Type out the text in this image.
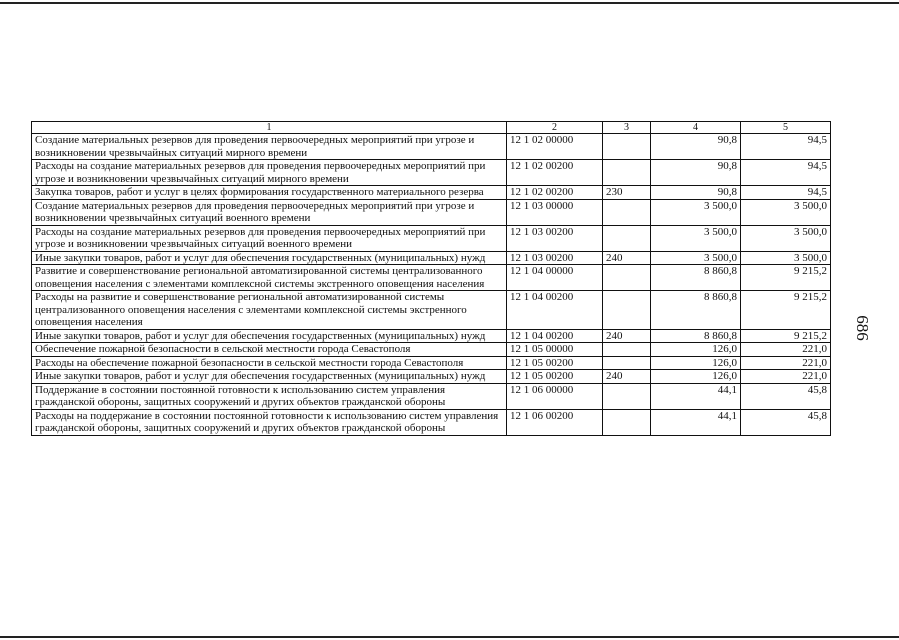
1	2	3	4	5
Создание материальных резервов для проведения первоочередных мероприятий при угрозе и возникновении чрезвычайных ситуаций мирного времени	12 1 02 00000		90,8	94,5
Расходы на создание материальных резервов для проведения первоочередных мероприятий при угрозе и возникновении чрезвычайных ситуаций мирного времени	12 1 02 00200		90,8	94,5
Закупка товаров, работ и услуг в целях формирования государственного материального резерва	12 1 02 00200	230	90,8	94,5
Создание материальных резервов для проведения первоочередных мероприятий при угрозе и возникновении чрезвычайных ситуаций военного времени	12 1 03 00000		3 500,0	3 500,0
Расходы на создание материальных резервов для проведения первоочередных мероприятий при угрозе и возникновении чрезвычайных ситуаций военного времени	12 1 03 00200		3 500,0	3 500,0
Иные закупки товаров, работ и услуг для обеспечения государственных (муниципальных) нужд	12 1 03 00200	240	3 500,0	3 500,0
Развитие и совершенствование региональной автоматизированной системы централизованного оповещения населения с элементами комплексной системы экстренного оповещения населения	12 1 04 00000		8 860,8	9 215,2
Расходы на развитие и совершенствование региональной автоматизированной системы централизованного оповещения населения с элементами комплексной системы экстренного оповещения населения	12 1 04 00200		8 860,8	9 215,2
Иные закупки товаров, работ и услуг для обеспечения государственных (муниципальных) нужд	12 1 04 00200	240	8 860,8	9 215,2
Обеспечение пожарной безопасности в сельской местности города Севастополя	12 1 05 00000		126,0	221,0
Расходы на обеспечение пожарной безопасности в сельской местности города Севастополя	12 1 05 00200		126,0	221,0
Иные закупки товаров, работ и услуг для обеспечения государственных (муниципальных) нужд	12 1 05 00200	240	126,0	221,0
Поддержание в состоянии постоянной готовности к использованию систем управления гражданской обороны, защитных сооружений и других объектов гражданской обороны	12 1 06 00000		44,1	45,8
Расходы на поддержание в состоянии постоянной готовности к использованию систем управления гражданской обороны, защитных сооружений и других объектов гражданской обороны	12 1 06 00200		44,1	45,8
686
